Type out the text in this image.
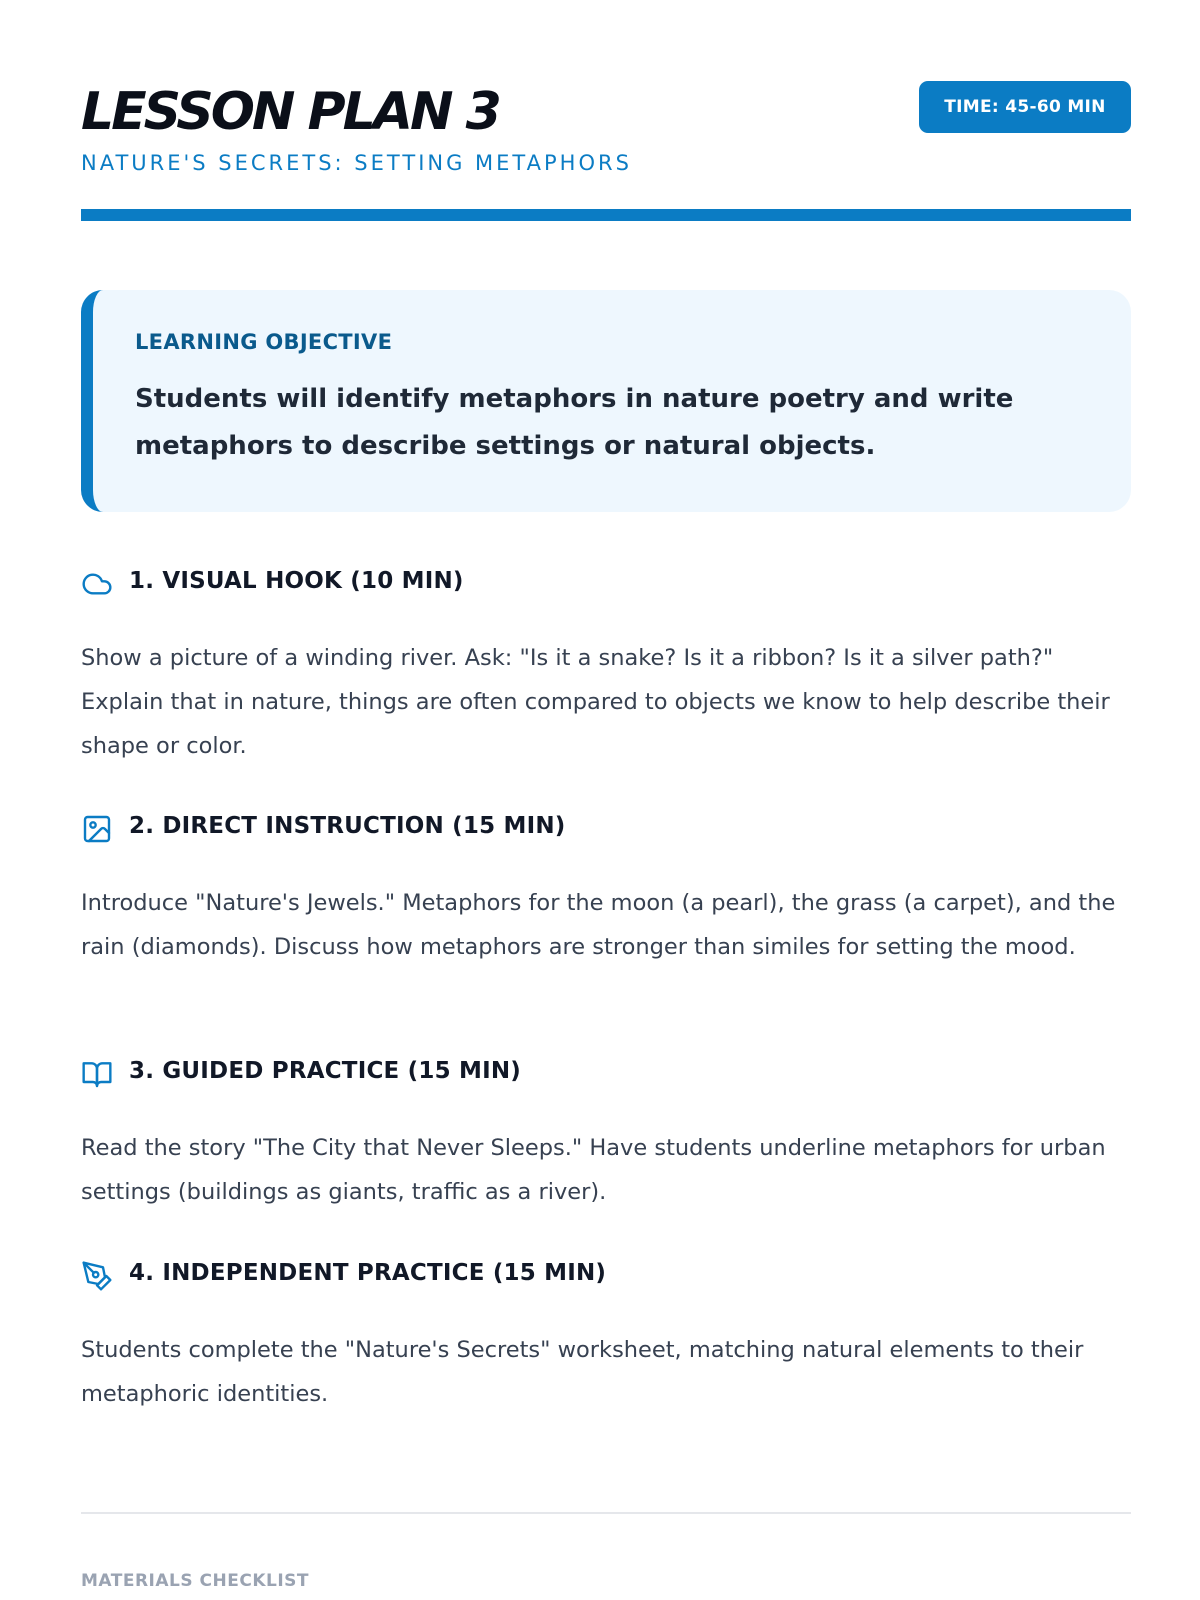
LESSON PLAN 3
NATURE'S SECRETS: SETTING METAPHORS
TIME: 45-60 MIN
LEARNING OBJECTIVE
Students will identify metaphors in nature poetry and write metaphors to describe settings or natural objects.
1. VISUAL HOOK (10 MIN)
Show a picture of a winding river. Ask: "Is it a snake? Is it a ribbon? Is it a silver path?" Explain that in nature, things are often compared to objects we know to help describe their shape or color.
2. DIRECT INSTRUCTION (15 MIN)
Introduce "Nature's Jewels." Metaphors for the moon (a pearl), the grass (a carpet), and the rain (diamonds). Discuss how metaphors are stronger than similes for setting the mood.
3. GUIDED PRACTICE (15 MIN)
Read the story "The City that Never Sleeps." Have students underline metaphors for urban settings (buildings as giants, traffic as a river).
4. INDEPENDENT PRACTICE (15 MIN)
Students complete the "Nature's Secrets" worksheet, matching natural elements to their metaphoric identities.
MATERIALS CHECKLIST
